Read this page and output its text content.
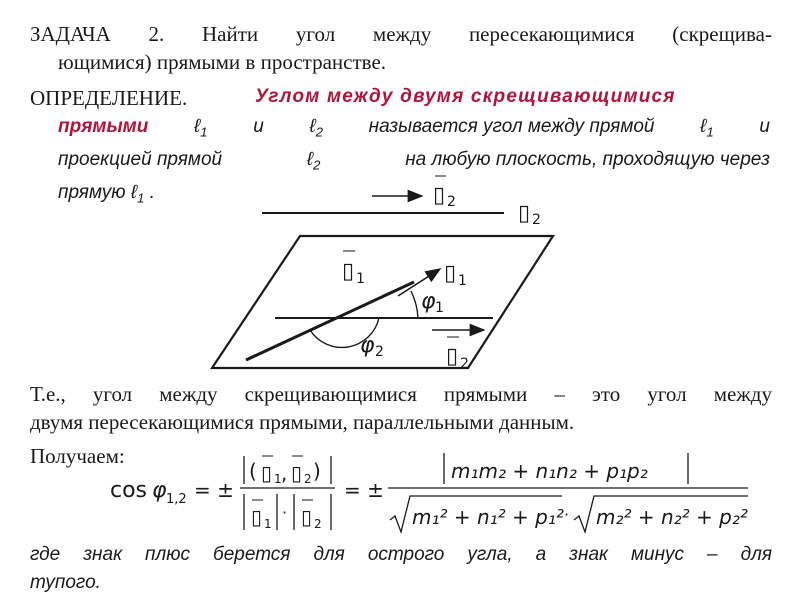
ЗАДАЧА 2. Найти угол между пересекающимися (скрещива-
ющимися) прямыми в пространстве.
ОПРЕДЕЛЕНИЕ.	Углом между двумя скрещивающимися
прямыми ℓ$_1$ и ℓ$_2$ называется угол между прямой ℓ$_1$ и
проекцией прямой	ℓ$_2$	на любую плоскость, проходящую через
прямую ℓ$_1$ .	▯ 2	▯ 2
▯ 1	▯ 1
φ 1
φ 2	▯ 2
Т.е., угол между скрещивающимися прямыми – это угол между
двумя пересекающимися прямыми, параллельными данным.
Получаем:
cos φ 1,2 = ±
( ▯ 1 , ▯ 2 )
▯ 1
· ▯ 2
= ±
m₁m₂ + n₁n₂ + p₁p₂
m₁² + n₁² + p₁² · m₂² + n₂² + p₂²
где знак плюс берется для острого угла, а знак минус – для
тупого.
